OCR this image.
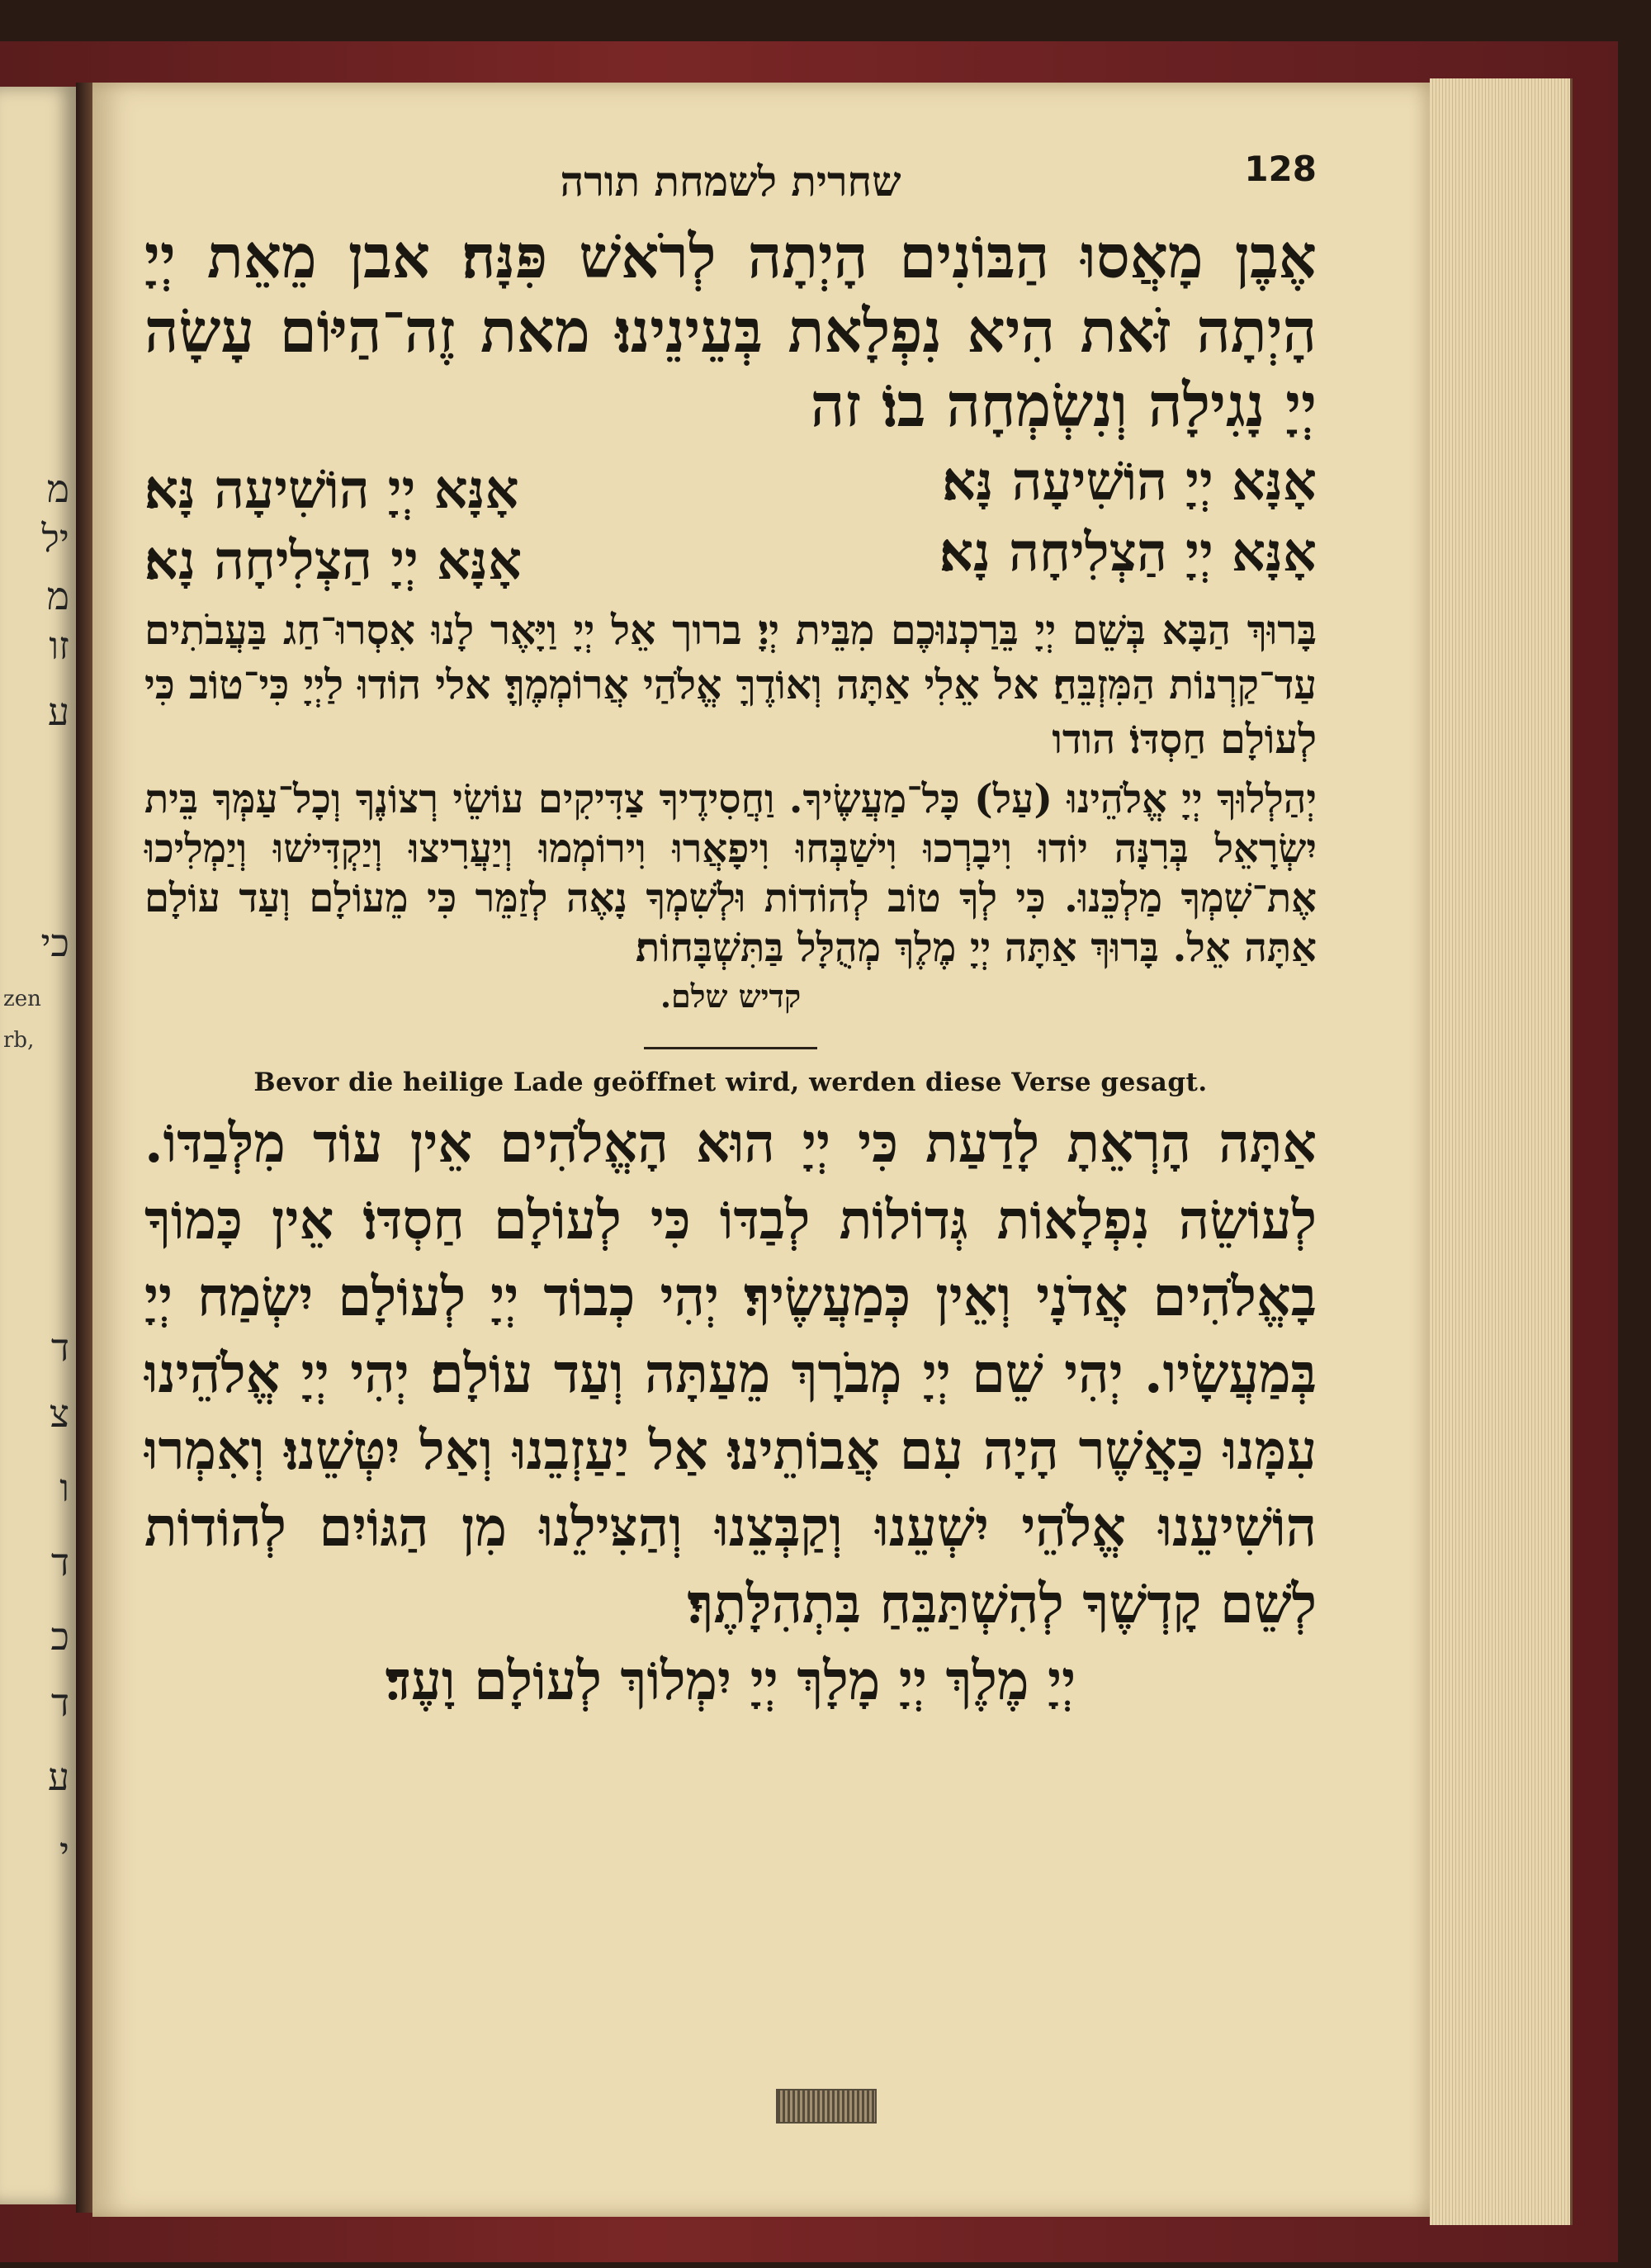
מ
יל
מ
זו
ע
כי
zen
rb,
ד
צ
ו
ד
כ
ד
ע
י
שחרית לשמחת תורה	128
אֶבֶן מָאֲסוּ הַבּוֹנִים הָיְתָה לְרֹאשׁ פִּנָּה׃ אבן מֵאֵת יְיָ הָיְתָה זֹּאת הִיא נִפְלָאת בְּעֵינֵינוּ׃ מאת זֶה־הַיּוֹם עָשָׂה יְיָ נָגִילָה וְנִשְׂמְחָה בוֹ׃ זה
אָנָּא יְיָ הוֹשִׁיעָה נָּא׃
אָנָּא יְיָ הוֹשִׁיעָה נָּא׃
אָנָּא יְיָ הַצְלִיחָה נָא׃
אָנָּא יְיָ הַצְלִיחָה נָא׃
בָּרוּךְ הַבָּא בְּשֵׁם יְיָ בֵּרַכְנוּכֶם מִבֵּית יְיָ׃ ברוך אֵל יְיָ וַיָּאֶר לָנוּ אִסְרוּ־חַג בַּעֲבֹתִים עַד־קַרְנוֹת הַמִּזְבֵּחַ׃ אל אֵלִי אַתָּה וְאוֹדֶךָּ אֱלֹהַי אֲרוֹמְמֶךָּ׃ אלי הוֹדוּ לַיְיָ כִּי־טוֹב כִּי לְעוֹלָם חַסְדּוֹ׃ הודו
יְהַלְלוּךָ יְיָ אֱלֹהֵינוּ (עַל) כָּל־מַעֲשֶׂיךָ. וַחֲסִידֶיךָ צַדִּיקִים עוֹשֵׂי רְצוֹנֶךָ וְכָל־עַמְּךָ בֵּית יִשְׂרָאֵל בְּרִנָּה יוֹדוּ וִיבָרְכוּ וִישַׁבְּחוּ וִיפָאֲרוּ וִירוֹמְמוּ וְיַעֲרִיצוּ וְיַקְדִּישׁוּ וְיַמְלִיכוּ אֶת־שִׁמְךָ מַלְכֵּנוּ. כִּי לְךָ טוֹב לְהוֹדוֹת וּלְשִׁמְךָ נָאֶה לְזַמֵּר כִּי מֵעוֹלָם וְעַד עוֹלָם אַתָּה אֵל. בָּרוּךְ אַתָּה יְיָ מֶלֶךְ מְהֻלָּל בַּתִּשְׁבָּחוֹת׃
קדיש שלם.
Bevor die heilige Lade geöffnet wird, werden diese Verse gesagt.
אַתָּה הָרְאֵתָ לָדַעַת כִּי יְיָ הוּא הָאֱלֹהִים אֵין עוֹד מִלְּבַדּוֹ. לְעוֹשֵׂה נִפְלָאוֹת גְּדוֹלוֹת לְבַדּוֹ כִּי לְעוֹלָם חַסְדּוֹ׃ אֵין כָּמוֹךָ בָאֱלֹהִים אֲדֹנָי וְאֵין כְּמַעֲשֶׂיךָ׃ יְהִי כְבוֹד יְיָ לְעוֹלָם יִשְׂמַח יְיָ בְּמַעֲשָׂיו. יְהִי שֵׁם יְיָ מְבֹרָךְ מֵעַתָּה וְעַד עוֹלָם׃ יְהִי יְיָ אֱלֹהֵינוּ עִמָּנוּ כַּאֲשֶׁר הָיָה עִם אֲבוֹתֵינוּ׃ אַל יַעַזְבֵנוּ וְאַל יִטְּשֵׁנוּ׃ וְאִמְרוּ הוֹשִׁיעֵנוּ אֱלֹהֵי יִשְׁעֵנוּ וְקַבְּצֵנוּ וְהַצִּילֵנוּ מִן הַגּוֹיִם לְהוֹדוֹת לְשֵׁם קָדְשֶׁךָ לְהִשְׁתַּבֵּחַ בִּתְהִלָּתֶךָ׃
יְיָ מֶלֶךְ יְיָ מָלָךְ יְיָ יִמְלוֹךְ לְעוֹלָם וָעֶד׃
